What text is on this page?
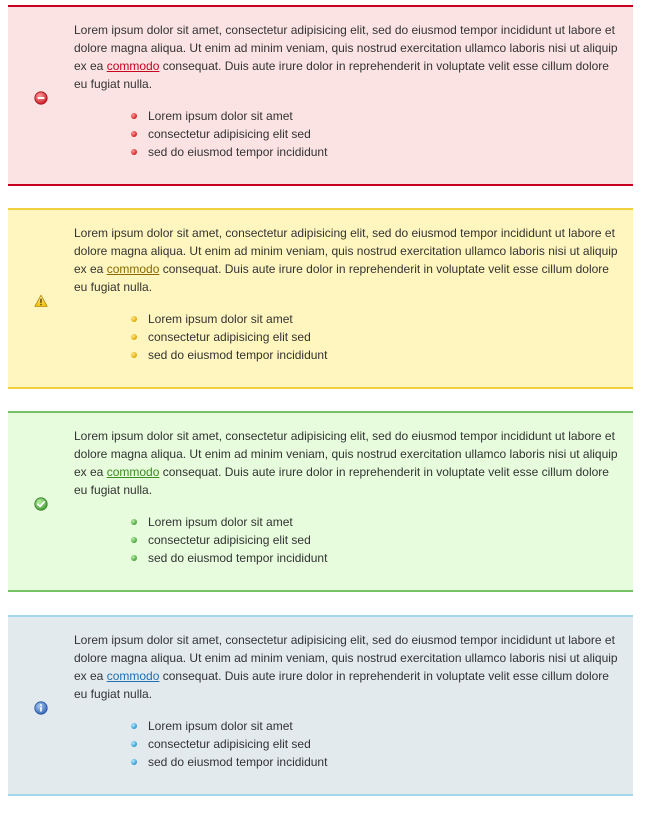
Lorem ipsum dolor sit amet, consectetur adipisicing elit, sed do eiusmod tempor incididunt ut labore et dolore magna aliqua. Ut enim ad minim veniam, quis nostrud exercitation ullamco laboris nisi ut aliquip ex ea commodo consequat. Duis aute irure dolor in reprehenderit in voluptate velit esse cillum dolore eu fugiat nulla.

Lorem ipsum dolor sit amet
consectetur adipisicing elit sed
sed do eiusmod tempor incididunt

Lorem ipsum dolor sit amet, consectetur adipisicing elit, sed do eiusmod tempor incididunt ut labore et dolore magna aliqua. Ut enim ad minim veniam, quis nostrud exercitation ullamco laboris nisi ut aliquip ex ea commodo consequat. Duis aute irure dolor in reprehenderit in voluptate velit esse cillum dolore eu fugiat nulla.

Lorem ipsum dolor sit amet
consectetur adipisicing elit sed
sed do eiusmod tempor incididunt

Lorem ipsum dolor sit amet, consectetur adipisicing elit, sed do eiusmod tempor incididunt ut labore et dolore magna aliqua. Ut enim ad minim veniam, quis nostrud exercitation ullamco laboris nisi ut aliquip ex ea commodo consequat. Duis aute irure dolor in reprehenderit in voluptate velit esse cillum dolore eu fugiat nulla.

Lorem ipsum dolor sit amet
consectetur adipisicing elit sed
sed do eiusmod tempor incididunt

Lorem ipsum dolor sit amet, consectetur adipisicing elit, sed do eiusmod tempor incididunt ut labore et dolore magna aliqua. Ut enim ad minim veniam, quis nostrud exercitation ullamco laboris nisi ut aliquip ex ea commodo consequat. Duis aute irure dolor in reprehenderit in voluptate velit esse cillum dolore eu fugiat nulla.

Lorem ipsum dolor sit amet
consectetur adipisicing elit sed
sed do eiusmod tempor incididunt
